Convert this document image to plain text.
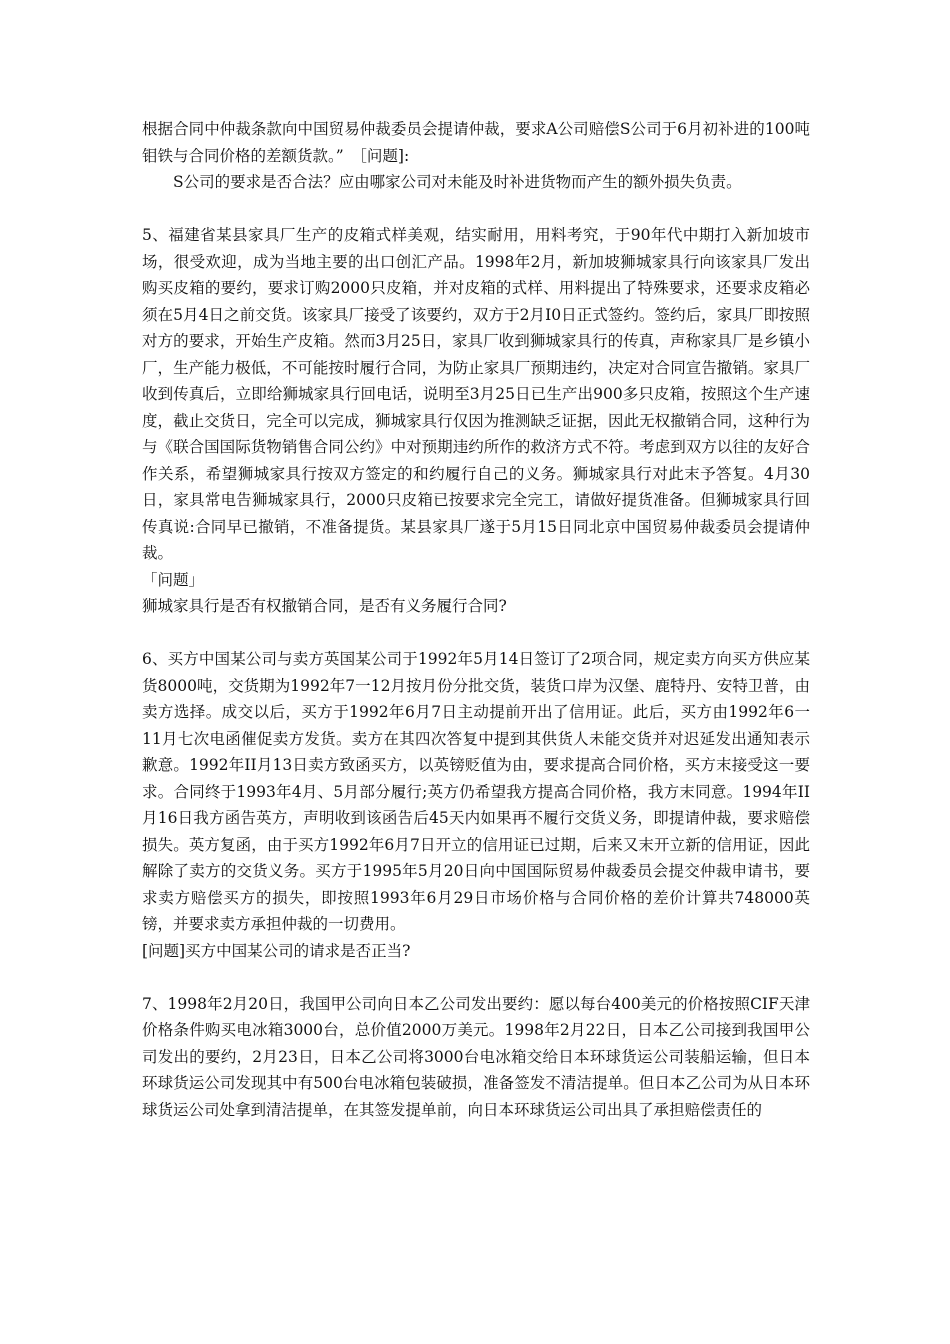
根据合同中仲裁条款向中国贸易仲裁委员会提请仲裁，要求A公司赔偿S公司于6月初补进的100吨钼铁与合同价格的差额货款。”　［问题]:

S公司的要求是否合法？应由哪家公司对未能及时补进货物而产生的额外损失负责。

5、福建省某县家具厂生产的皮箱式样美观，结实耐用，用料考究，于90年代中期打入新加坡市场，很受欢迎，成为当地主要的出口创汇产品。1998年2月，新加坡狮城家具行向该家具厂发出购买皮箱的要约，要求订购2000只皮箱，并对皮箱的式样、用料提出了特殊要求，还要求皮箱必须在5月4日之前交货。该家具厂接受了该要约，双方于2月I0日正式签约。签约后，家具厂即按照对方的要求，开始生产皮箱。然而3月25日，家具厂收到狮城家具行的传真，声称家具厂是乡镇小厂，生产能力极低，不可能按时履行合同，为防止家具厂预期违约，决定对合同宣告撤销。家具厂收到传真后，立即给狮城家具行回电话，说明至3月25日已生产出900多只皮箱，按照这个生产速度，截止交货日，完全可以完成，狮城家具行仅因为推测缺乏证据，因此无权撤销合同，这种行为与《联合国国际货物销售合同公约》中对预期违约所作的救济方式不符。考虑到双方以往的友好合作关系，希望狮城家具行按双方签定的和约履行自己的义务。狮城家具行对此末予答复。4月30日，家具常电告狮城家具行，2000只皮箱已按要求完全完工，请做好提货准备。但狮城家具行回传真说:合同早已撤销，不准备提货。某县家具厂遂于5月15日同北京中国贸易仲裁委员会提请仲裁。

「问题」

狮城家具行是否有权撤销合同，是否有义务履行合同?

6、买方中国某公司与卖方英国某公司于1992年5月14日签订了2项合同，规定卖方向买方供应某货8000吨，交货期为1992年7一12月按月份分批交货，装货口岸为汉堡、鹿特丹、安特卫普，由卖方选择。成交以后，买方于1992年6月7日主动提前开出了信用证。此后，买方由1992年6一11月七次电函催促卖方发货。卖方在其四次答复中提到其供货人未能交货并对迟延发出通知表示歉意。1992年II月13日卖方致函买方，以英镑贬值为由，要求提高合同价格，买方末接受这一要求。合同终于1993年4月、5月部分履行;英方仍希望我方提高合同价格，我方末同意。1994年II月16日我方函告英方，声明收到该函告后45天内如果再不履行交货义务，即提请仲裁，要求赔偿损失。英方复函，由于买方1992年6月7日开立的信用证已过期，后来又末开立新的信用证，因此解除了卖方的交货义务。买方于1995年5月20日向中国国际贸易仲裁委员会提交仲裁申请书，要求卖方赔偿买方的损失，即按照1993年6月29日市场价格与合同价格的差价计算共748000英镑，并要求卖方承担仲裁的一切费用。

[问题]买方中国某公司的请求是否正当?

7、1998年2月20日，我国甲公司向日本乙公司发出要约：愿以每台400美元的价格按照CIF天津价格条件购买电冰箱3000台，总价值2000万美元。1998年2月22日，日本乙公司接到我国甲公司发出的要约，2月23日，日本乙公司将3000台电冰箱交给日本环球货运公司装船运输，但日本环球货运公司发现其中有500台电冰箱包装破损，准备签发不清洁提单。但日本乙公司为从日本环球货运公司处拿到清洁提单，在其签发提单前，向日本环球货运公司出具了承担赔偿责任的
